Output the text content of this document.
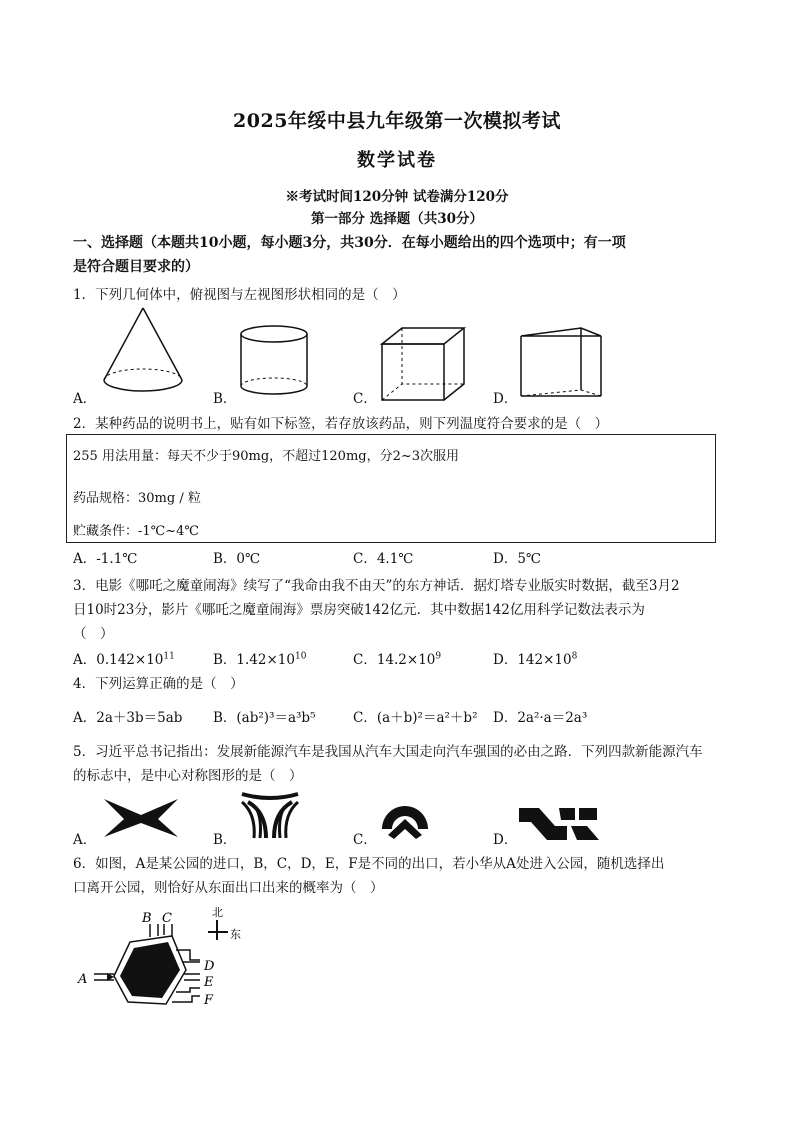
2025年绥中县九年级第一次模拟考试
数学试卷
※考试时间120分钟 试卷满分120分
第一部分 选择题（共30分）
一、选择题（本题共10小题，每小题3分，共30分．在每小题给出的四个选项中；有一项
是符合题目要求的）
1．下列几何体中，俯视图与左视图形状相同的是（　）
A．	B．	C．	D．
2．某种药品的说明书上，贴有如下标签，若存放该药品，则下列温度符合要求的是（　）
255 用法用量：每天不少于90mg，不超过120mg，分2~3次服用
药品规格：30mg / 粒
贮藏条件：-1℃~4℃
A．-1.1℃	B．0℃	C．4.1℃	D．5℃
3．电影《哪吒之魔童闹海》续写了“我命由我不由天”的东方神话．据灯塔专业版实时数据，截至3月2
日10时23分，影片《哪吒之魔童闹海》票房突破142亿元．其中数据142亿用科学记数法表示为
（　）
A．$0.142\times 10^{11}$	B．$1.42\times 10^{10}$	C．$14.2\times 10^9$	D．$142\times 10^8$
4．下列运算正确的是（　）
A．2a＋3b＝5ab B．(ab²)³＝a³b⁵	C．(a＋b)²＝a²＋b² D．2a²·a＝2a³
5．习近平总书记指出：发展新能源汽车是我国从汽车大国走向汽车强国的必由之路．下列四款新能源汽车
的标志中，是中心对称图形的是（　）
A．	B．	C．	D．
6．如图，A是某公园的进口，B，C，D，E，F是不同的出口，若小华从A处进入公园，随机选择出
口离开公园，则恰好从东面出口出来的概率为（　）
北
东
A
B C
D
E
F
